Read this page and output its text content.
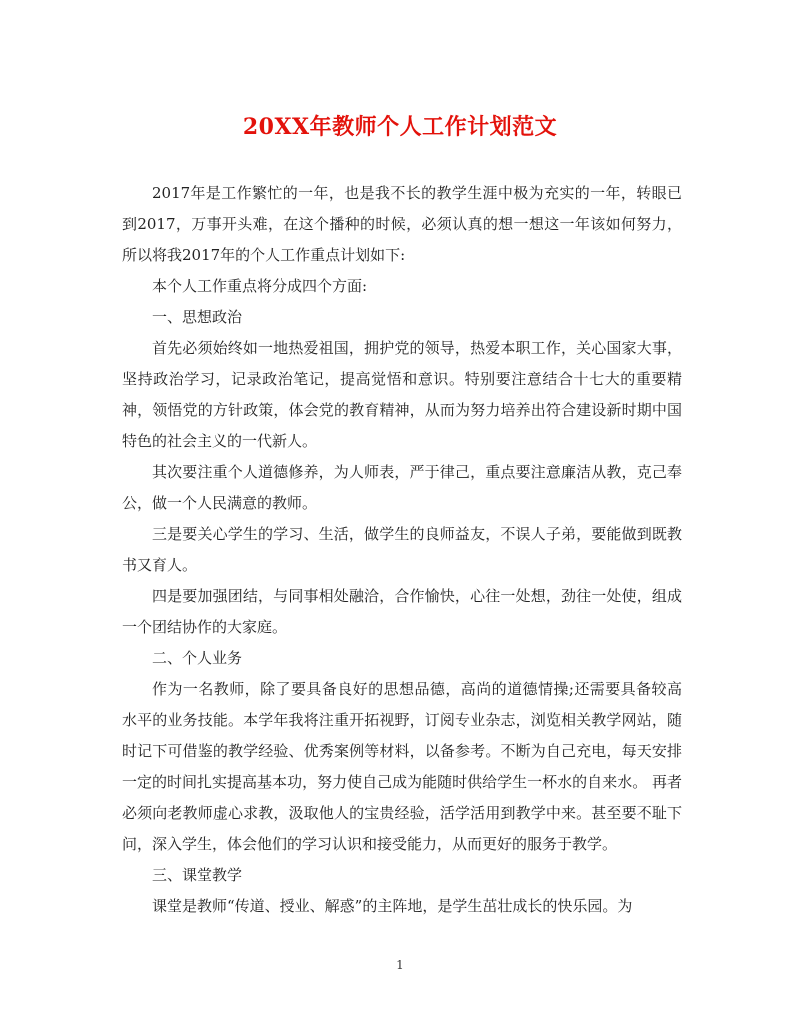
20XX年教师个人工作计划范文

2017年是工作繁忙的一年，也是我不长的教学生涯中极为充实的一年，转眼已到2017，万事开头难，在这个播种的时候，必须认真的想一想这一年该如何努力，所以将我2017年的个人工作重点计划如下:

本个人工作重点将分成四个方面:

一、思想政治

首先必须始终如一地热爱祖国，拥护党的领导，热爱本职工作，关心国家大事，坚持政治学习，记录政治笔记，提高觉悟和意识。特别要注意结合十七大的重要精神，领悟党的方针政策，体会党的教育精神，从而为努力培养出符合建设新时期中国特色的社会主义的一代新人。

其次要注重个人道德修养，为人师表，严于律己，重点要注意廉洁从教，克己奉公，做一个人民满意的教师。

三是要关心学生的学习、生活，做学生的良师益友，不误人子弟，要能做到既教书又育人。

四是要加强团结，与同事相处融洽，合作愉快，心往一处想，劲往一处使，组成一个团结协作的大家庭。

二、个人业务

作为一名教师，除了要具备良好的思想品德，高尚的道德情操;还需要具备较高水平的业务技能。本学年我将注重开拓视野，订阅专业杂志，浏览相关教学网站，随时记下可借鉴的教学经验、优秀案例等材料，以备参考。不断为自己充电，每天安排一定的时间扎实提高基本功，努力使自己成为能随时供给学生一杯水的自来水。 再者必须向老教师虚心求教，汲取他人的宝贵经验，活学活用到教学中来。甚至要不耻下问，深入学生，体会他们的学习认识和接受能力，从而更好的服务于教学。

三、课堂教学

课堂是教师“传道、授业、解惑”的主阵地，是学生茁壮成长的快乐园。为

1
